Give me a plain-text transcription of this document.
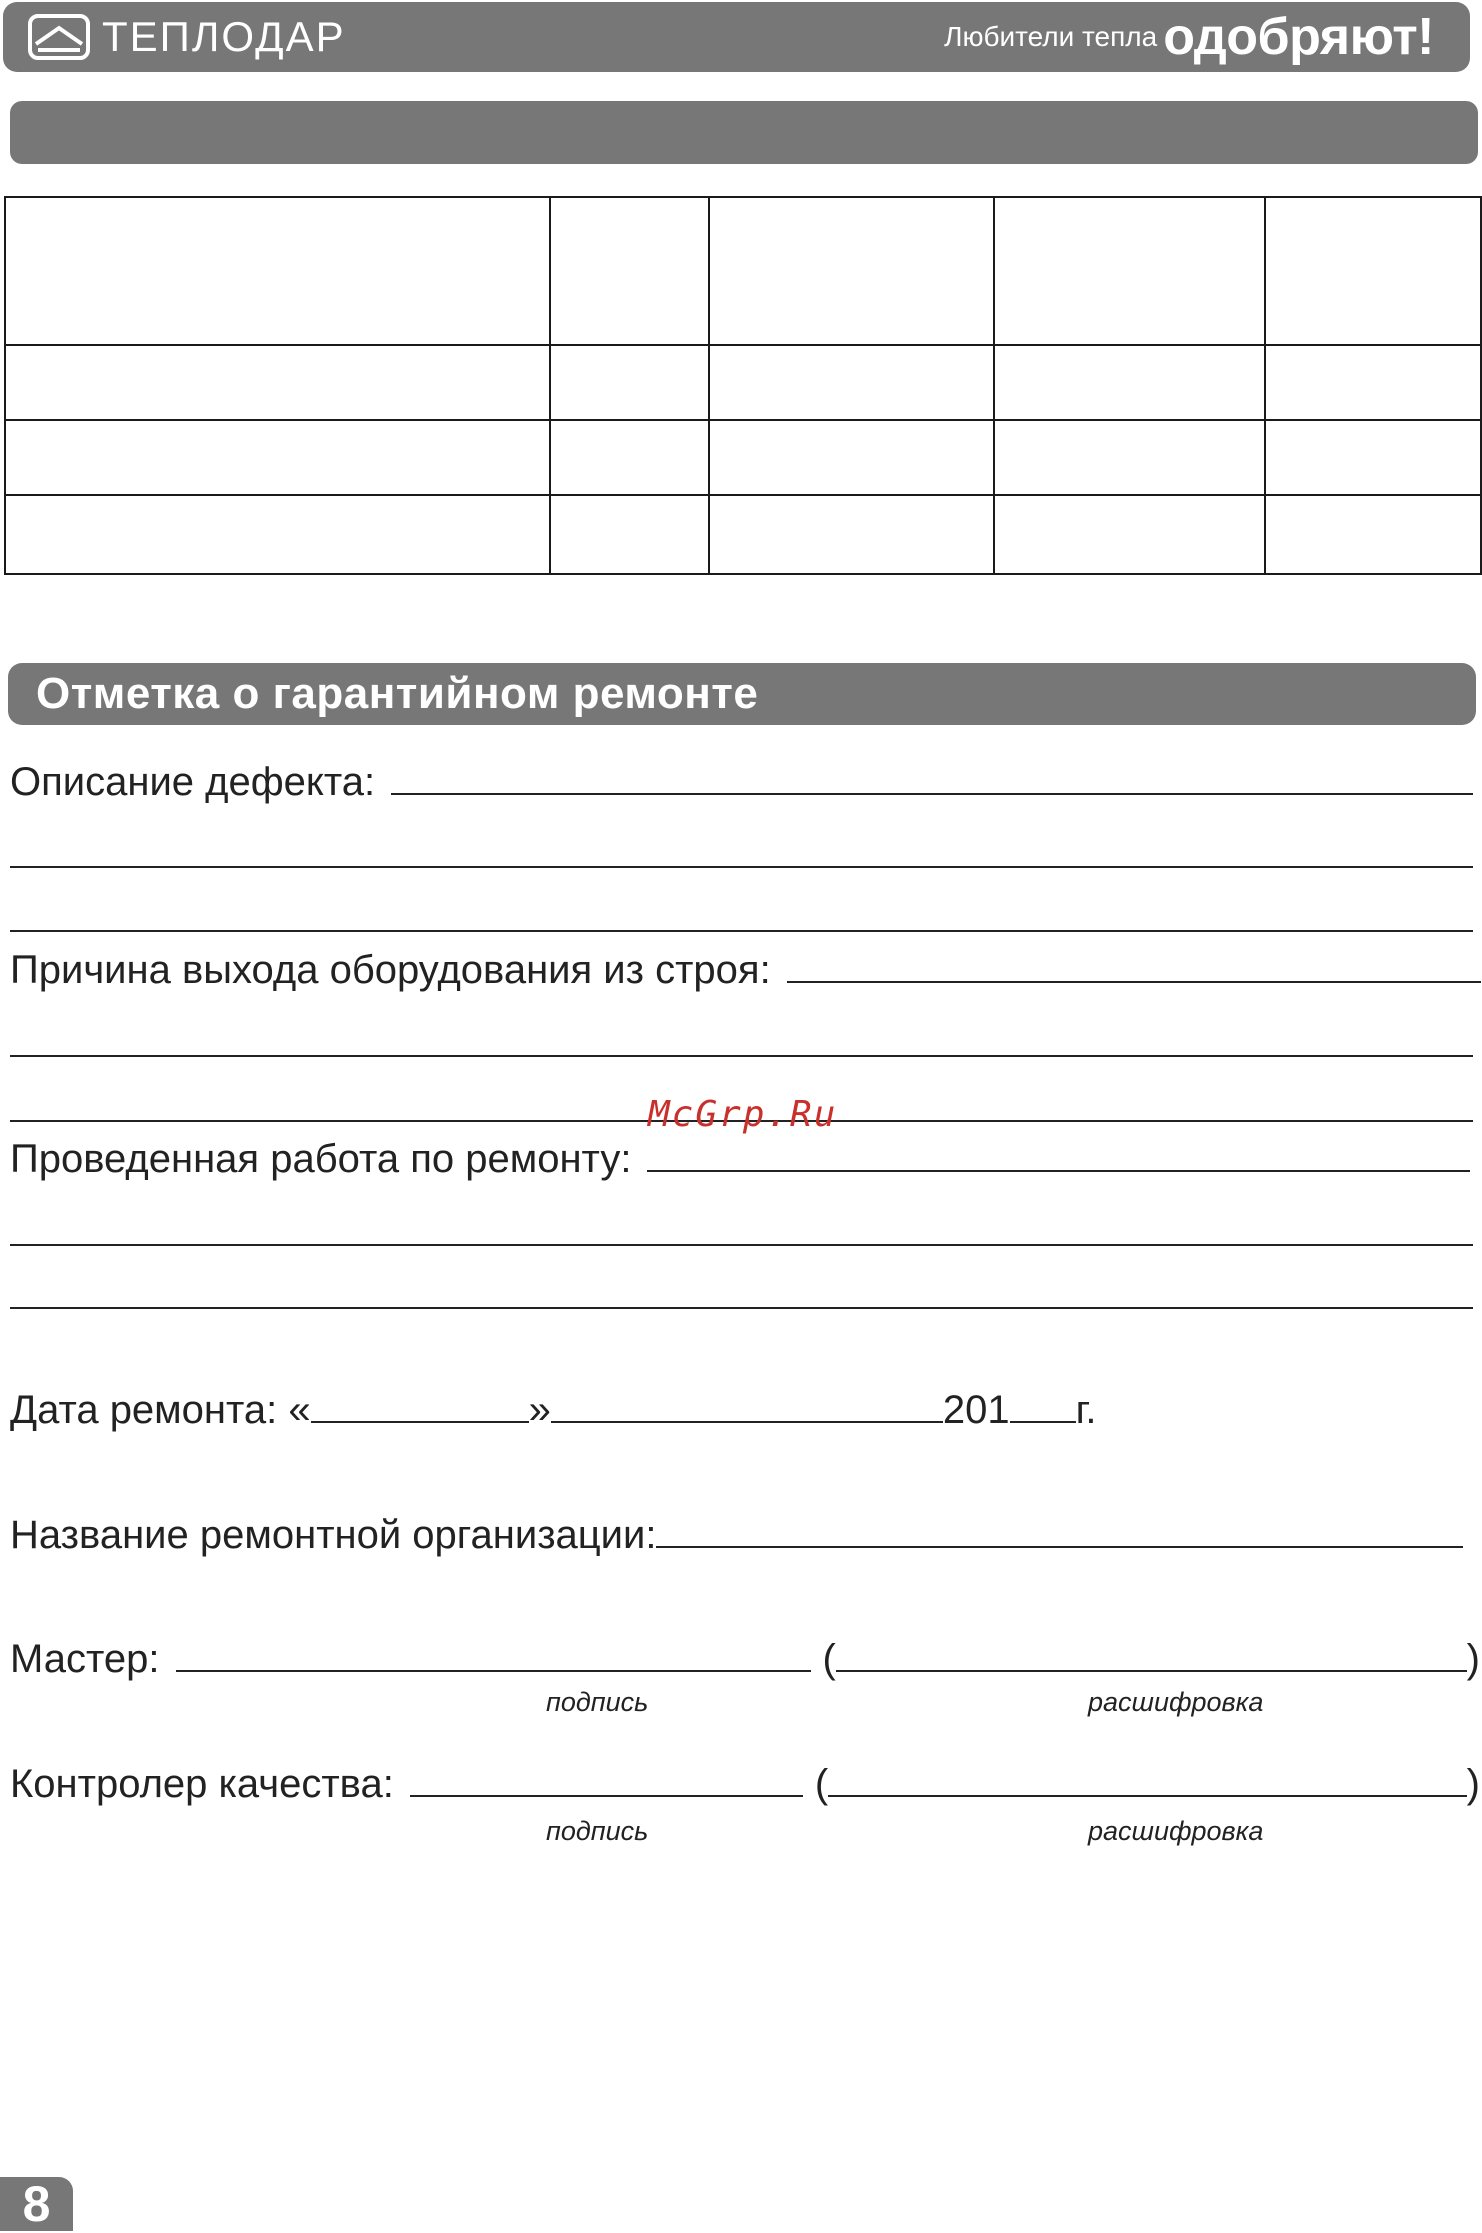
ТЕПЛОДАР	Любители тепла одобряют!

Отметка о гарантийном ремонте
Описание дефекта:
Причина выхода оборудования из строя:
McGrp.Ru
Проведенная работа по ремонту:
Дата ремонта: «	»	201 г.
Название ремонтной организации:
Мастер:	(	)
подпись	расшифровка
Контролер качества:	(	)
подпись	расшифровка
8
